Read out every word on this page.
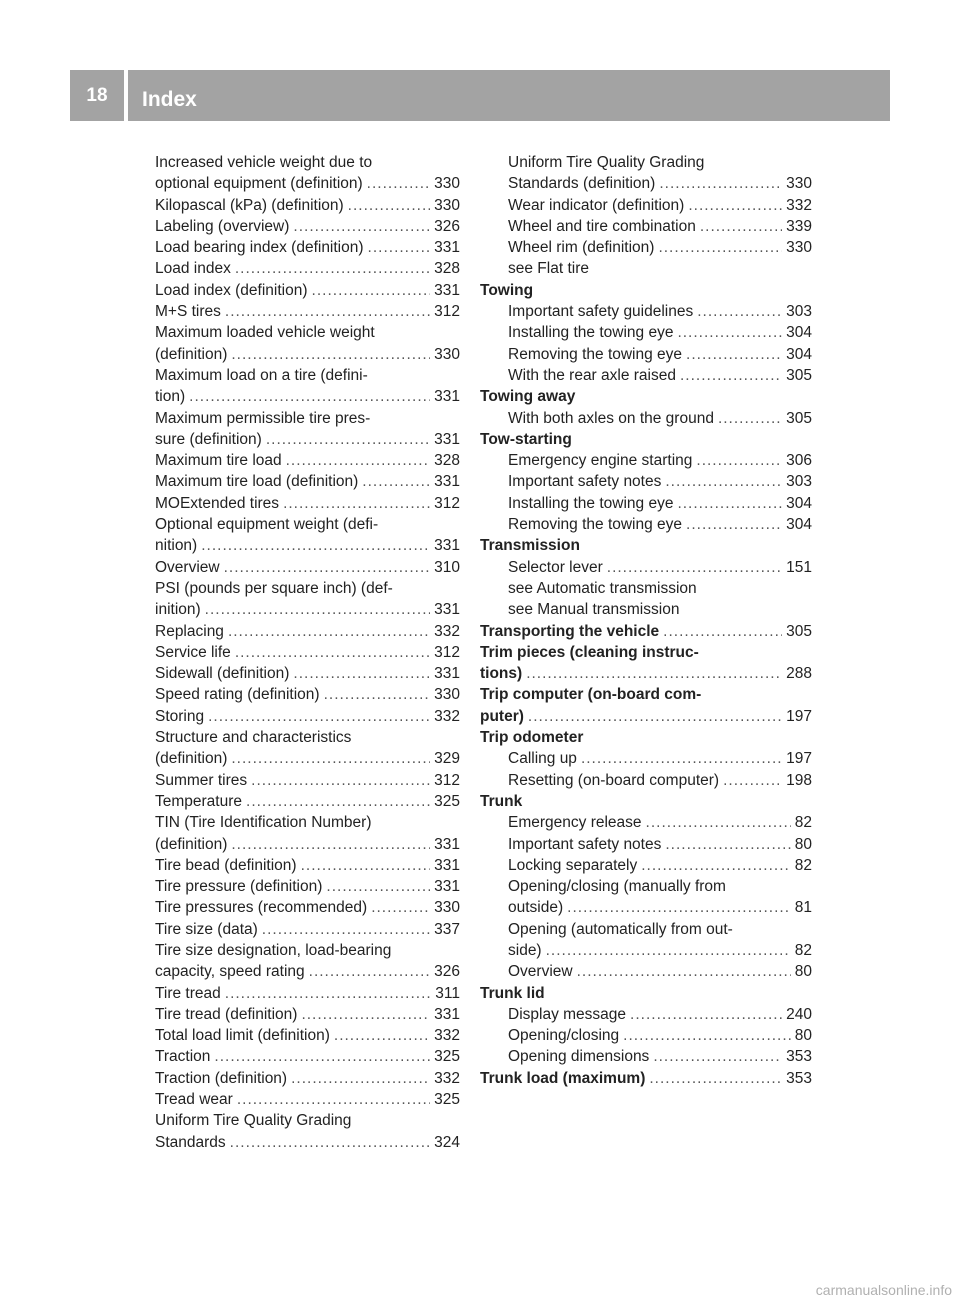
18	Index
Increased vehicle weight due to
optional equipment (definition) .....	330
Kilopascal (kPa) (definition) .....	330
Labeling (overview) .....	326
Load bearing index (definition) .....	331
Load index .....	328
Load index (definition) .....	331
M+S tires .....	312
Maximum loaded vehicle weight
(definition) .....	330
Maximum load on a tire (defini-
tion) .....	331
Maximum permissible tire pres-
sure (definition) .....	331
Maximum tire load .....	328
Maximum tire load (definition) .....	331
MOExtended tires .....	312
Optional equipment weight (defi-
nition) .....	331
Overview .....	310
PSI (pounds per square inch) (def-
inition) .....	331
Replacing .....	332
Service life .....	312
Sidewall (definition) .....	331
Speed rating (definition) .....	330
Storing .....	332
Structure and characteristics
(definition) .....	329
Summer tires .....	312
Temperature .....	325
TIN (Tire Identification Number)
(definition) .....	331
Tire bead (definition) .....	331
Tire pressure (definition) .....	331
Tire pressures (recommended) .....	330
Tire size (data) .....	337
Tire size designation, load-bearing
capacity, speed rating .....	326
Tire tread .....	311
Tire tread (definition) .....	331
Total load limit (definition) .....	332
Traction .....	325
Traction (definition) .....	332
Tread wear .....	325
Uniform Tire Quality Grading
Standards .....	324
Uniform Tire Quality Grading
Standards (definition) .....	330
Wear indicator (definition) .....	332
Wheel and tire combination .....	339
Wheel rim (definition) .....	330
see Flat tire
Towing
Important safety guidelines .....	303
Installing the towing eye .....	304
Removing the towing eye .....	304
With the rear axle raised .....	305
Towing away
With both axles on the ground .....	305
Tow-starting
Emergency engine starting .....	306
Important safety notes .....	303
Installing the towing eye .....	304
Removing the towing eye .....	304
Transmission
Selector lever .....	151
see Automatic transmission
see Manual transmission
Transporting the vehicle .....	305
Trim pieces (cleaning instruc-
tions) .....	288
Trip computer (on-board com-
puter) .....	197
Trip odometer
Calling up .....	197
Resetting (on-board computer) .....	198
Trunk
Emergency release .....	82
Important safety notes .....	80
Locking separately .....	82
Opening/closing (manually from
outside) .....	81
Opening (automatically from out-
side) .....	82
Overview .....	80
Trunk lid
Display message .....	240
Opening/closing .....	80
Opening dimensions .....	353
Trunk load (maximum) .....	353
carmanualsonline.info
